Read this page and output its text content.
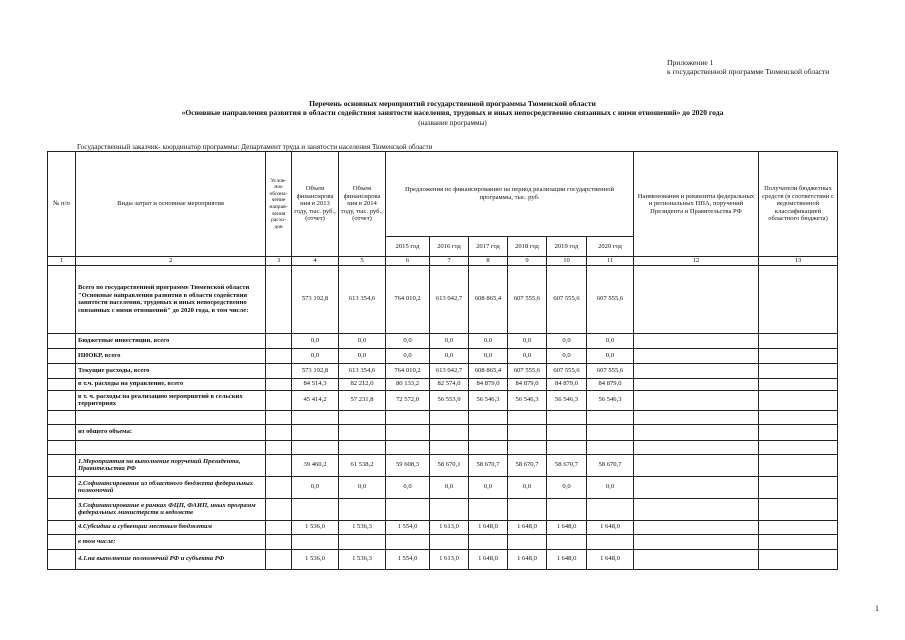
Приложение 1
к государственной программе Тюменской области
Перечень основных мероприятий государственной программы Тюменской области
«Основные направления развития в области содействия занятости населения, трудовых и иных непосредственно связанных с ними отношений» до 2020 года
(название программы)
Государственный заказчик- координатор программы: Департамент труда и занятости населения Тюменской области
№ п/п	Виды затрат и основные мероприятия	Услов-ное обозна-чение направ-ления расхо-дов	Объем финансирова ния в 2013 году, тыс. руб., (отчет)	Объем финансирова ния в 2014 году, тыс. руб., (отчет)	Предложения по финансированию на период реализации государственной программы, тыс. руб.						Наименования и реквизиты федеральных и региональных НПА, поручений Президента и Правительства РФ	Получатели бюджетных средств (в соответствии с ведомственной классификацией областного бюджета)
					2015 год	2016 год	2017 год	2018 год	2019 год	2020 год		
1	2	3	4	5	6	7	8	9	10	11	12	13
	Всего по государственной программе Тюменской области "Основные направления развития в области содействия занятости населения, трудовых и иных непосредственно связанных с ними отношений" до 2020 года, в том числе:		573 192,8	613 354,6	764 010,2	613 042,7	608 865,4	607 555,6	607 555,6	607 555,6		
	Бюджетные инвестиции, всего		0,0	0,0	0,0	0,0	0,0	0,0	0,0	0,0		
	НИОКР, всего		0,0	0,0	0,0	0,0	0,0	0,0	0,0	0,0		
	Текущие расходы, всего		573 192,8	613 354,6	764 010,2	613 042,7	608 865,4	607 555,6	607 555,6	607 555,6		
	в т.ч. расходы на управление, всего		84 514,3	82 212,0	80 133,2	82 574,0	84 879,0	84 879,0	84 879,0	84 879,0		
	в т. ч. расходы на реализацию мероприятий в сельских территориях		45 414,2	57 231,8	72 572,0	56 553,9	56 546,3	56 546,3	56 546,3	56 546,3		

	из общего объема:											

	1.Мероприятия на выполнение поручений Президента, Правительства РФ		39 460,2	61 538,2	59 608,3	58 670,1	58 670,7	58 670,7	58 670,7	58 670,7		
	2.Софинансирование из областного бюджета федеральных полномочий		0,0	0,0	0,0	0,0	0,0	0,0	0,0	0,0		
	3.Софинансирование в рамках ФЦП, ФАИП, иных программ федеральных министерств и ведомств											
	4.Субсидии и субвенции местным бюджетам		1 536,0	1 536,3	1 554,0	1 613,0	1 648,0	1 648,0	1 648,0	1 648,0		
	в том числе:											
	4.1.на выполнение полномочий РФ и субъекта РФ		1 536,0	1 536,3	1 554,0	1 613,0	1 648,0	1 648,0	1 648,0	1 648,0		
1
